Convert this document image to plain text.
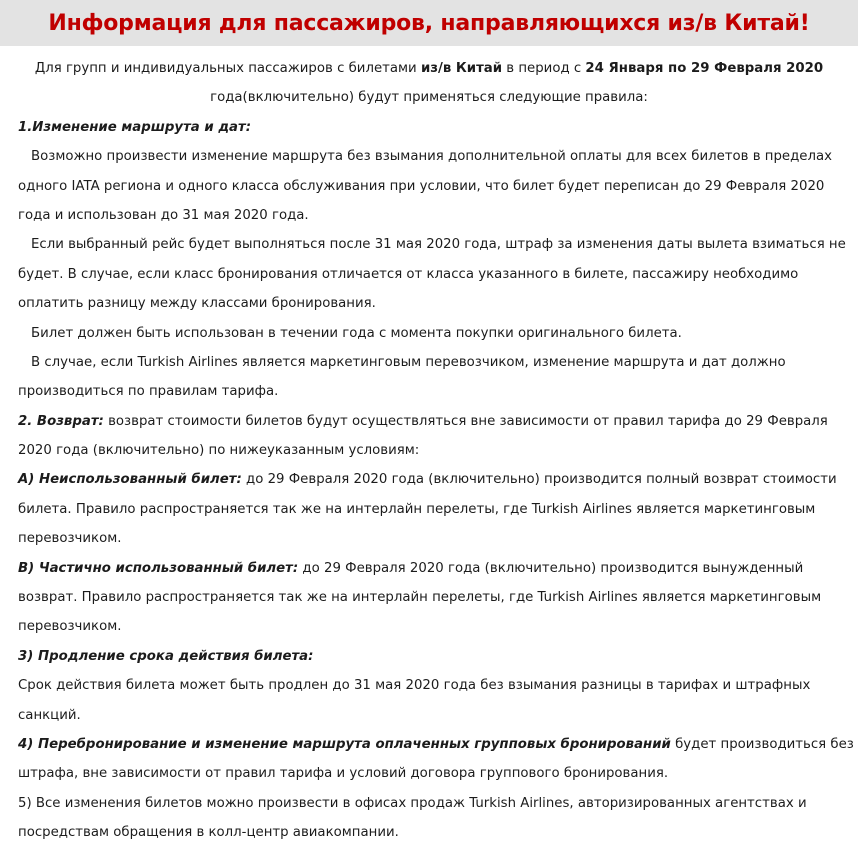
Информация для пассажиров, направляющихся из/в Китай!
Для групп и индивидуальных пассажиров с билетами из/в Китай в период с 24 Января по 29 Февраля 2020
года(включительно) будут применяться следующие правила:
1.Изменение маршрута и дат:
Возможно произвести изменение маршрута без взымания дополнительной оплаты для всех билетов в пределах
одного IATA региона и одного класса обслуживания при условии, что билет будет переписан до 29 Февраля 2020
года и использован до 31 мая 2020 года.
Если выбранный рейс будет выполняться после 31 мая 2020 года, штраф за изменения даты вылета взиматься не
будет. В случае, если класс бронирования отличается от класса указанного в билете, пассажиру необходимо
оплатить разницу между классами бронирования.
Билет должен быть использован в течении года с момента покупки оригинального билета.
В случае, если Turkish Airlines является маркетинговым перевозчиком, изменение маршрута и дат должно
производиться по правилам тарифа.
2. Возврат: возврат стоимости билетов будут осуществляться вне зависимости от правил тарифа до 29 Февраля
2020 года (включительно) по нижеуказанным условиям:
А) Неиспользованный билет: до 29 Февраля 2020 года (включительно) производится полный возврат стоимости
билета. Правило распространяется так же на интерлайн перелеты, где Turkish Airlines является маркетинговым
перевозчиком.
В) Частично использованный билет: до 29 Февраля 2020 года (включительно) производится вынужденный
возврат. Правило распространяется так же на интерлайн перелеты, где Turkish Airlines является маркетинговым
перевозчиком.
3) Продление срока действия билета:
Срок действия билета может быть продлен до 31 мая 2020 года без взымания разницы в тарифах и штрафных
санкций.
4) Перебронирование и изменение маршрута оплаченных групповых бронирований будет производиться без
штрафа, вне зависимости от правил тарифа и условий договора группового бронирования.
5) Все изменения билетов можно произвести в офисах продаж Turkish Airlines, авторизированных агентствах и
посредствам обращения в колл-центр авиакомпании.
